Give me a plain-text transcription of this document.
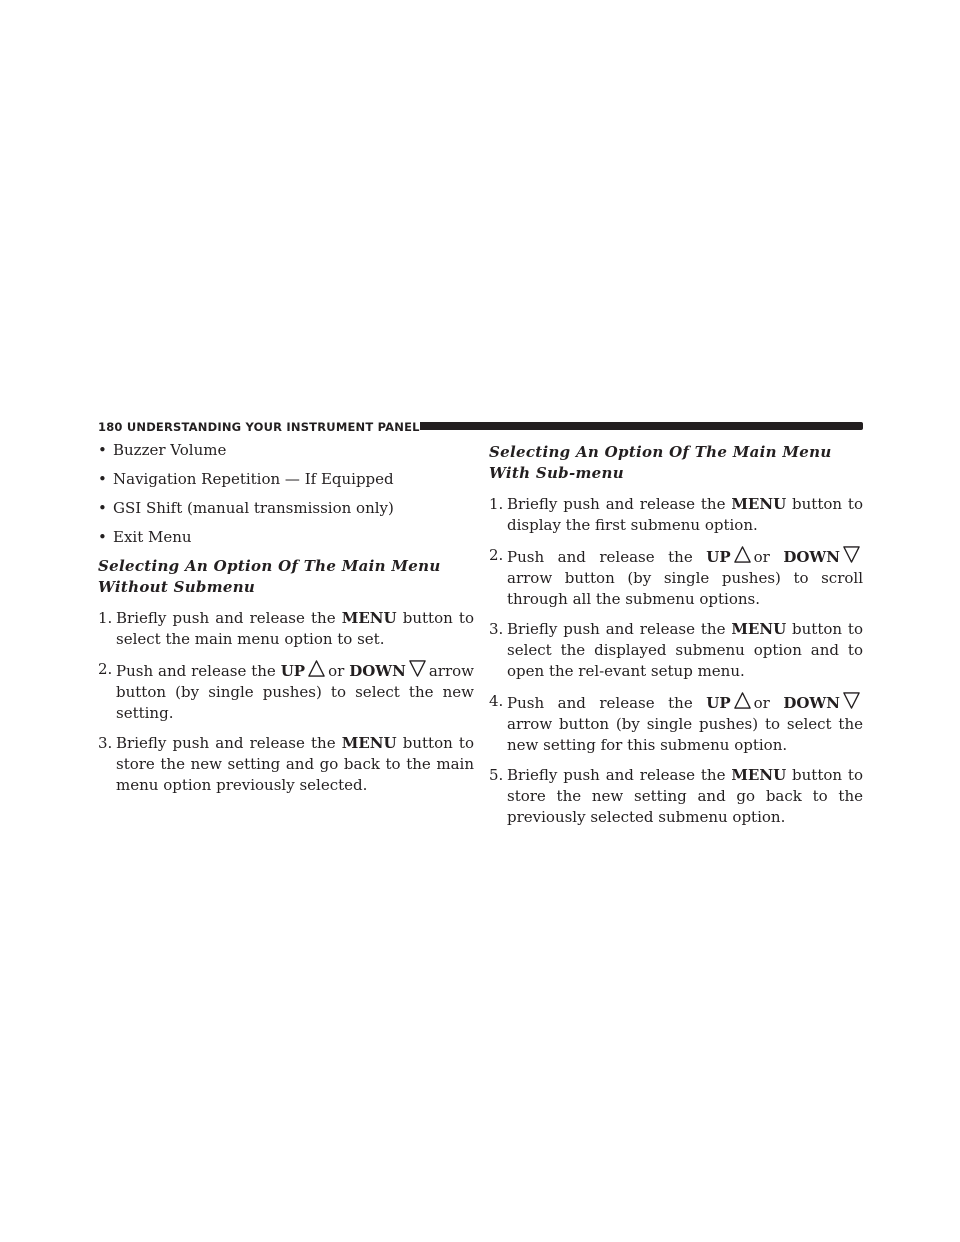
180 UNDERSTANDING YOUR INSTRUMENT PANEL
• Buzzer Volume
• Navigation Repetition — If Equipped
• GSI Shift (manual transmission only)
• Exit Menu
Selecting An Option Of The Main Menu Without Submenu
1. Briefly push and release the MENU button to select the main menu option to set.
2. Push and release the UP or DOWN arrow button (by single pushes) to select the new setting.
3. Briefly push and release the MENU button to store the new setting and go back to the main menu option previously selected.
Selecting An Option Of The Main Menu With Sub-menu
1. Briefly push and release the MENU button to display the first submenu option.
2. Push and release the UP or DOWN
arrow button (by single pushes) to scroll through all the submenu options.
3. Briefly push and release the MENU button to select the displayed submenu option and to open the rel-evant setup menu.
4. Push and release the UP or DOWN
arrow button (by single pushes) to select the new setting for this submenu option.
5. Briefly push and release the MENU button to store the new setting and go back to the previously selected submenu option.
